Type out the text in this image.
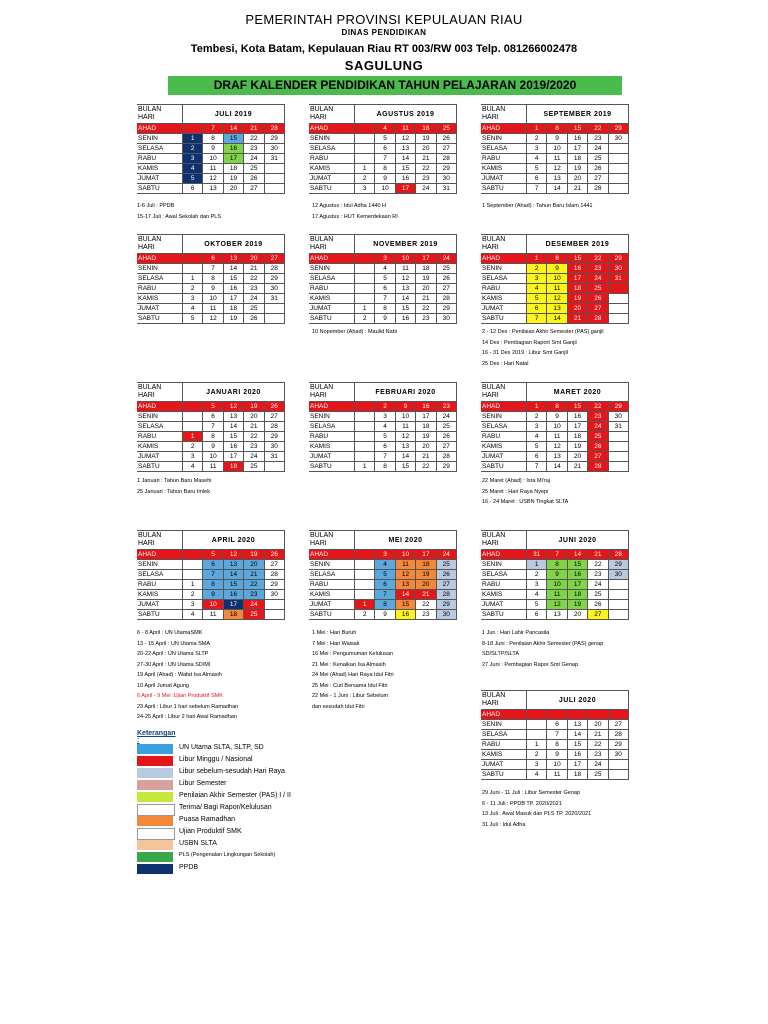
PEMERINTAH PROVINSI KEPULAUAN RIAU
DINAS PENDIDIKAN
Tembesi, Kota Batam, Kepulauan Riau RT 003/RW 003 Telp. 081266002478
SAGULUNG
DRAF KALENDER PENDIDIKAN TAHUN PELAJARAN 2019/2020
BULAN
HARI	JULI 2019				
AHAD		7	14	21	28
SENIN	1	8	15	22	29
SELASA	2	9	16	23	30
RABU	3	10	17	24	31
KAMIS	4	11	18	25	
JUMAT	5	12	19	26	
SABTU	6	13	20	27	
BULAN
HARI	AGUSTUS 2019				
AHAD		4	11	18	25
SENIN		5	12	19	26
SELASA		6	13	20	27
RABU		7	14	21	28
KAMIS	1	8	15	22	29
JUMAT	2	9	16	23	30
SABTU	3	10	17	24	31
BULAN
HARI	SEPTEMBER 2019				
AHAD	1	8	15	22	29
SENIN	2	9	16	23	30
SELASA	3	10	17	24	
RABU	4	11	18	25	
KAMIS	5	12	19	26	
JUMAT	6	13	20	27	
SABTU	7	14	21	28	
BULAN
HARI	OKTOBER 2019				
AHAD		6	13	20	27
SENIN		7	14	21	28
SELASA	1	8	15	22	29
RABU	2	9	16	23	30
KAMIS	3	10	17	24	31
JUMAT	4	11	18	25	
SABTU	5	12	19	26	
BULAN
HARI	NOVEMBER 2019				
AHAD		3	10	17	24
SENIN		4	11	18	25
SELASA		5	12	19	26
RABU		6	13	20	27
KAMIS		7	14	21	28
JUMAT	1	8	15	22	29
SABTU	2	9	16	23	30
BULAN
HARI	DESEMBER 2019				
AHAD	1	8	15	22	29
SENIN	2	9	16	23	30
SELASA	3	10	17	24	31
RABU	4	11	18	25	
KAMIS	5	12	19	26	
JUMAT	6	13	20	27	
SABTU	7	14	21	28	
BULAN
HARI	JANUARI 2020				
AHAD		5	12	19	26
SENIN		6	13	20	27
SELASA		7	14	21	28
RABU	1	8	15	22	29
KAMIS	2	9	16	23	30
JUMAT	3	10	17	24	31
SABTU	4	11	18	25	
BULAN
HARI	FEBRUARI 2020				
AHAD		2	9	16	23
SENIN		3	10	17	24
SELASA		4	11	18	25
RABU		5	12	19	26
KAMIS		6	13	20	27
JUMAT		7	14	21	28
SABTU	1	8	15	22	29
BULAN
HARI	MARET 2020				
AHAD	1	8	15	22	29
SENIN	2	9	16	23	30
SELASA	3	10	17	24	31
RABU	4	11	18	25	
KAMIS	5	12	19	26	
JUMAT	6	13	20	27	
SABTU	7	14	21	28	
BULAN
HARI	APRIL 2020				
AHAD		5	12	19	26
SENIN		6	13	20	27
SELASA		7	14	21	28
RABU	1	8	15	22	29
KAMIS	2	9	16	23	30
JUMAT	3	10	17	24	
SABTU	4	11	18	25	
BULAN
HARI	MEI 2020				
AHAD		3	10	17	24
SENIN		4	11	18	25
SELASA		5	12	19	26
RABU		6	13	20	27
KAMIS		7	14	21	28
JUMAT	1	8	15	22	29
SABTU	2	9	16	23	30
BULAN
HARI	JUNI 2020				
AHAD	31	7	14	21	28
SENIN	1	8	15	22	29
SELASA	2	9	16	23	30
RABU	3	10	17	24	
KAMIS	4	11	18	25	
JUMAT	5	12	19	26	
SABTU	6	13	20	27	
BULAN
HARI	JULI 2020				
AHAD					
SENIN		6	13	20	27
SELASA		7	14	21	28
RABU	1	8	15	22	29
KAMIS	2	9	16	23	30
JUMAT	3	10	17	24	
SABTU	4	11	18	25	
1-6 Juli : PPDB
15-17 Juli : Awal Sekolah dan PLS
12 Agustus : Idul Adha 1440 H
17 Agustus : HUT Kemerdekaan RI
1 September (Ahad) : Tahun Baru Islam 1441
10 Nopember (Ahad) : Maulid Nabi	2 - 12 Des : Penilaian Akhir Semester (PAS) ganjil
14 Des : Pembagian Raport Smt Ganjil
16 - 31 Des 2019 : Libur Smt Ganjil
25 Des : Hari Natal
1 Januari : Tahun Baru Masehi
25 Januari : Tahun Baru Imlek
22 Maret (Ahad) : Isra Mi'raj
25 Maret : Hari Raya Nyepi
16 - 24 Maret : USBN Tingkat SLTA
6 - 8 April : UN UtamaSMK
13 - 15 April : UN Utama SMA
20-22 April : UN Utama SLTP
27-30 April : UN Utama SD/MI
19 April (Ahad) : Wafat Isa Almasih
10 April Jumat Agung
6 April - 9 Mei :Ujian Produktif SMK
23 April : Libur 1 hari sebelum Ramadhan
24-25 April : Libur 2 hari Awal Ramadhan
1 Mei : Hari Buruh
7 Mei : Hari Waisak
16 Mei : Pengumuman Kelulusan
21 Mei : Kenaikan Isa Almasih
24 Mei (Ahad) Hari Raya Idul Fitri
25 Mei : Cuti Bersama Idul Fitri
22 Mei - 1 Juni : Libur Sebelum
dan sesudah Idul Fitri
1 Jun : Hari Lahir Pancasila
8-18 Juni : Penilaian Akhir Semester (PAS) genap
SD/SLTP/SLTA
27 Juni : Pembagian Rapor Smt Genap
29 Juni - 11 Juli : Libur Semester Genap
6 - 11 Juli : PPDB TP. 2020/2021
13 Juli : Awal Masuk dan PLS TP. 2020/2021
31 Juli : Idul Adha
Keterangan :
UN Utama SLTA, SLTP, SD
Libur Minggu / Nasional
Libur sebelum-sesudah Hari Raya
Libur Semester
Penilaian Akhir Semester (PAS) I / II
Terima/ Bagi Rapor/Kelulusan
Puasa Ramadhan
Ujian Produktif SMK
USBN SLTA
PLS (Pengenalan Lingkungan Sekolah)
PPDB
